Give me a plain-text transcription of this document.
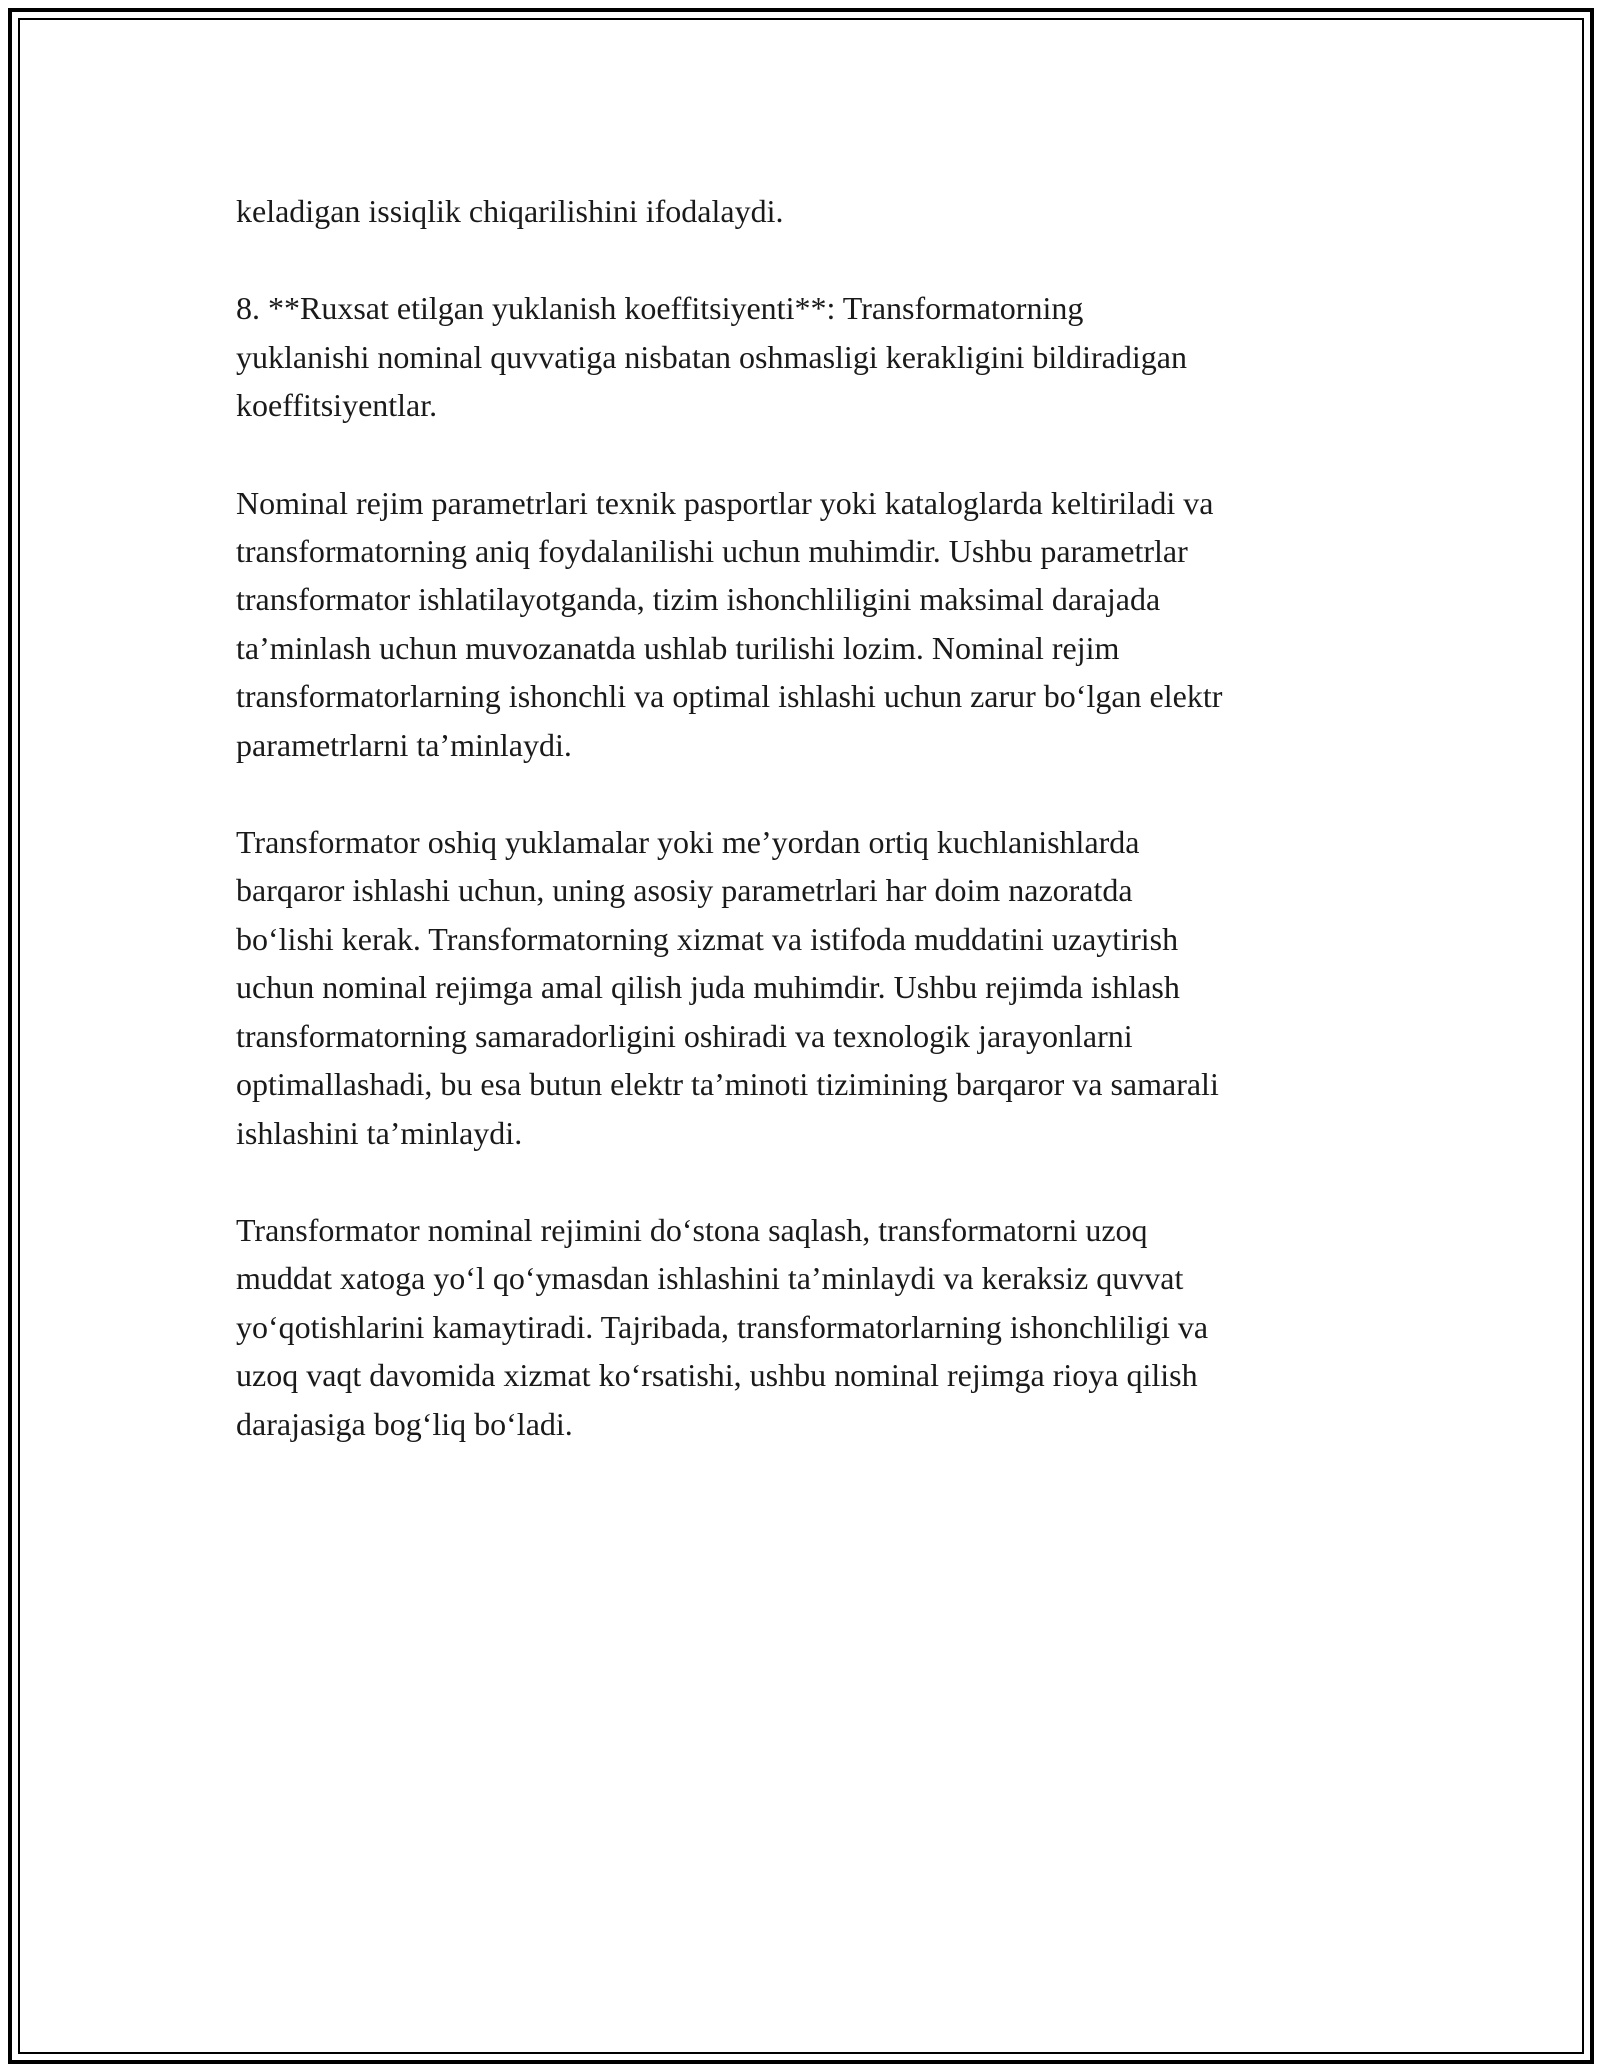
keladigan issiqlik chiqarilishini ifodalaydi.

8. **Ruxsat etilgan yuklanish koeffitsiyenti**: Transformatorning
yuklanishi nominal quvvatiga nisbatan oshmasligi kerakligini bildiradigan
koeffitsiyentlar.

Nominal rejim parametrlari texnik pasportlar yoki kataloglarda keltiriladi va
transformatorning aniq foydalanilishi uchun muhimdir. Ushbu parametrlar
transformator ishlatilayotganda, tizim ishonchliligini maksimal darajada
ta’minlash uchun muvozanatda ushlab turilishi lozim. Nominal rejim
transformatorlarning ishonchli va optimal ishlashi uchun zarur bo‘lgan elektr
parametrlarni ta’minlaydi.

Transformator oshiq yuklamalar yoki me’yordan ortiq kuchlanishlarda
barqaror ishlashi uchun, uning asosiy parametrlari har doim nazoratda
bo‘lishi kerak. Transformatorning xizmat va istifoda muddatini uzaytirish
uchun nominal rejimga amal qilish juda muhimdir. Ushbu rejimda ishlash
transformatorning samaradorligini oshiradi va texnologik jarayonlarni
optimallashadi, bu esa butun elektr ta’minoti tizimining barqaror va samarali
ishlashini ta’minlaydi.

Transformator nominal rejimini do‘stona saqlash, transformatorni uzoq
muddat xatoga yo‘l qo‘ymasdan ishlashini ta’minlaydi va keraksiz quvvat
yo‘qotishlarini kamaytiradi. Tajribada, transformatorlarning ishonchliligi va
uzoq vaqt davomida xizmat ko‘rsatishi, ushbu nominal rejimga rioya qilish
darajasiga bog‘liq bo‘ladi.
